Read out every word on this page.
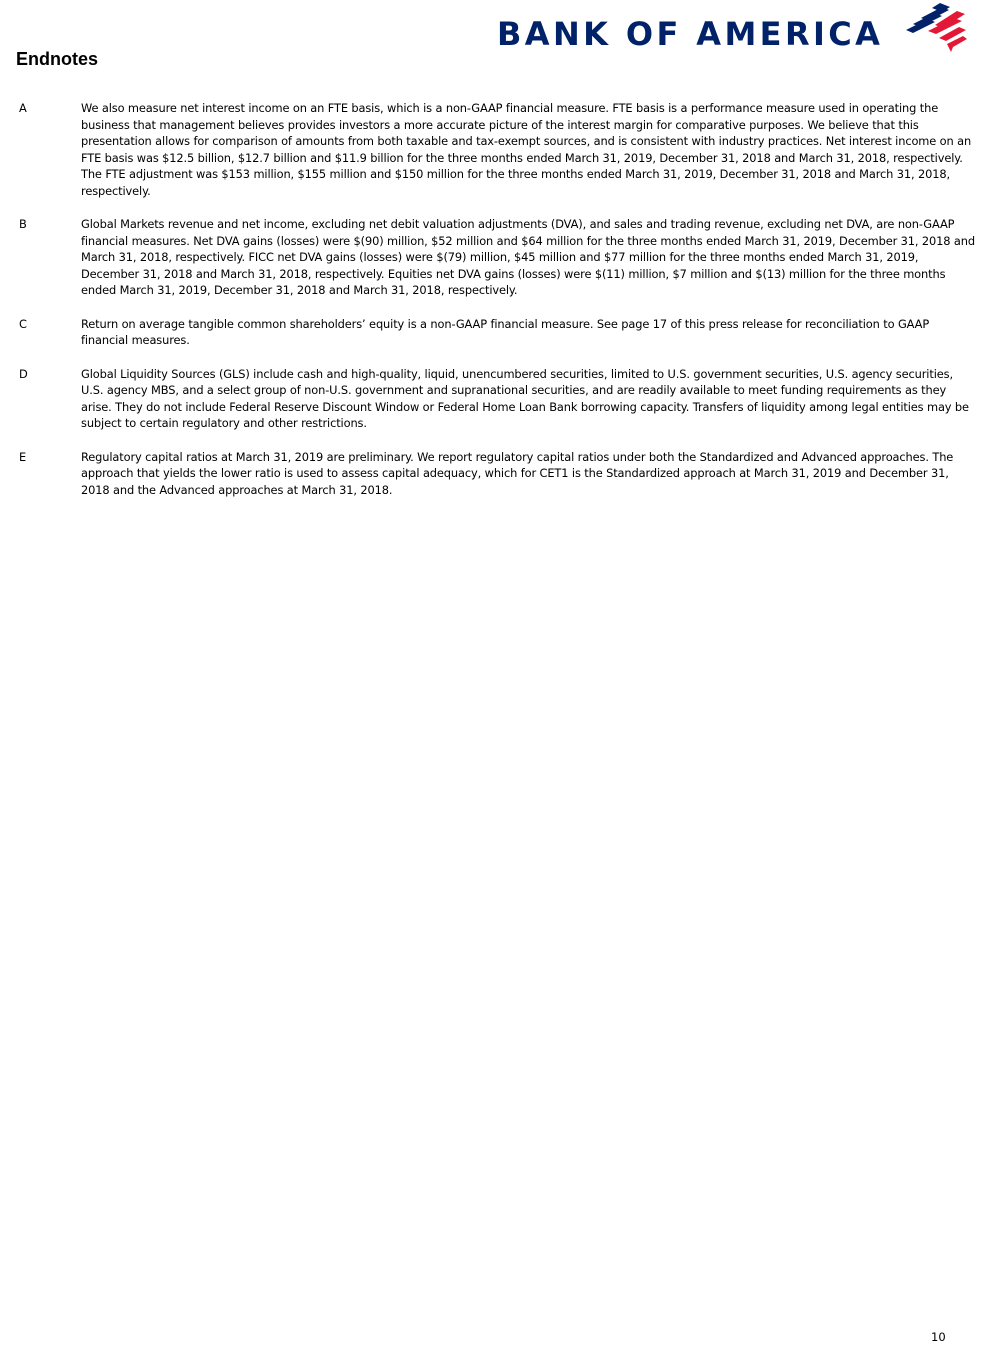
Endnotes
BANK OF AMERICA
A	We also measure net interest income on an FTE basis, which is a non-GAAP financial measure. FTE basis is a performance measure used in operating the business that management believes provides investors a more accurate picture of the interest margin for comparative purposes. We believe that this presentation allows for comparison of amounts from both taxable and tax-exempt sources, and is consistent with industry practices. Net interest income on an FTE basis was $12.5 billion, $12.7 billion and $11.9 billion for the three months ended March 31, 2019, December 31, 2018 and March 31, 2018, respectively. The FTE adjustment was $153 million, $155 million and $150 million for the three months ended March 31, 2019, December 31, 2018 and March 31, 2018, respectively.
B	Global Markets revenue and net income, excluding net debit valuation adjustments (DVA), and sales and trading revenue, excluding net DVA, are non-GAAP financial measures. Net DVA gains (losses) were $(90) million, $52 million and $64 million for the three months ended March 31, 2019, December 31, 2018 and March 31, 2018, respectively. FICC net DVA gains (losses) were $(79) million, $45 million and $77 million for the three months ended March 31, 2019, December 31, 2018 and March 31, 2018, respectively. Equities net DVA gains (losses) were $(11) million, $7 million and $(13) million for the three months ended March 31, 2019, December 31, 2018 and March 31, 2018, respectively.
C	Return on average tangible common shareholders’ equity is a non-GAAP financial measure. See page 17 of this press release for reconciliation to GAAP financial measures.
D	Global Liquidity Sources (GLS) include cash and high-quality, liquid, unencumbered securities, limited to U.S. government securities, U.S. agency securities, U.S. agency MBS, and a select group of non-U.S. government and supranational securities, and are readily available to meet funding requirements as they arise. They do not include Federal Reserve Discount Window or Federal Home Loan Bank borrowing capacity. Transfers of liquidity among legal entities may be subject to certain regulatory and other restrictions.
E	Regulatory capital ratios at March 31, 2019 are preliminary. We report regulatory capital ratios under both the Standardized and Advanced approaches. The approach that yields the lower ratio is used to assess capital adequacy, which for CET1 is the Standardized approach at March 31, 2019 and December 31, 2018 and the Advanced approaches at March 31, 2018.
10
